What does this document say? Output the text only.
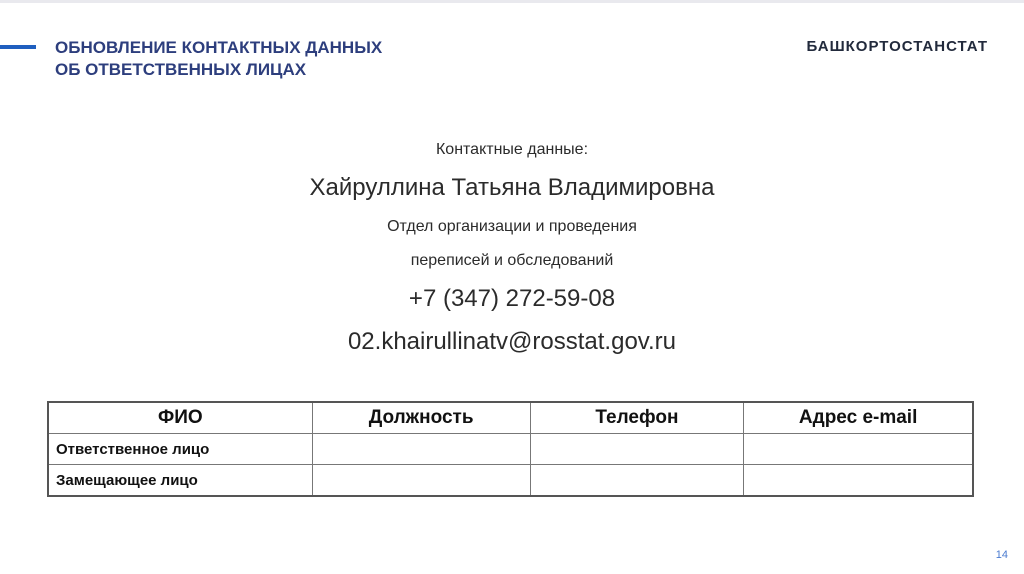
ОБНОВЛЕНИЕ КОНТАКТНЫХ ДАННЫХ
ОБ ОТВЕТСТВЕННЫХ ЛИЦАХ
БАШКОРТОСТАНСТАТ
Контактные данные:
Хайруллина Татьяна Владимировна
Отдел организации и проведения
переписей и обследований
+7 (347) 272-59-08
02.khairullinatv@rosstat.gov.ru
ФИО	Должность	Телефон	Адрес e-mail
Ответственное лицо			
Замещающее лицо			
14
